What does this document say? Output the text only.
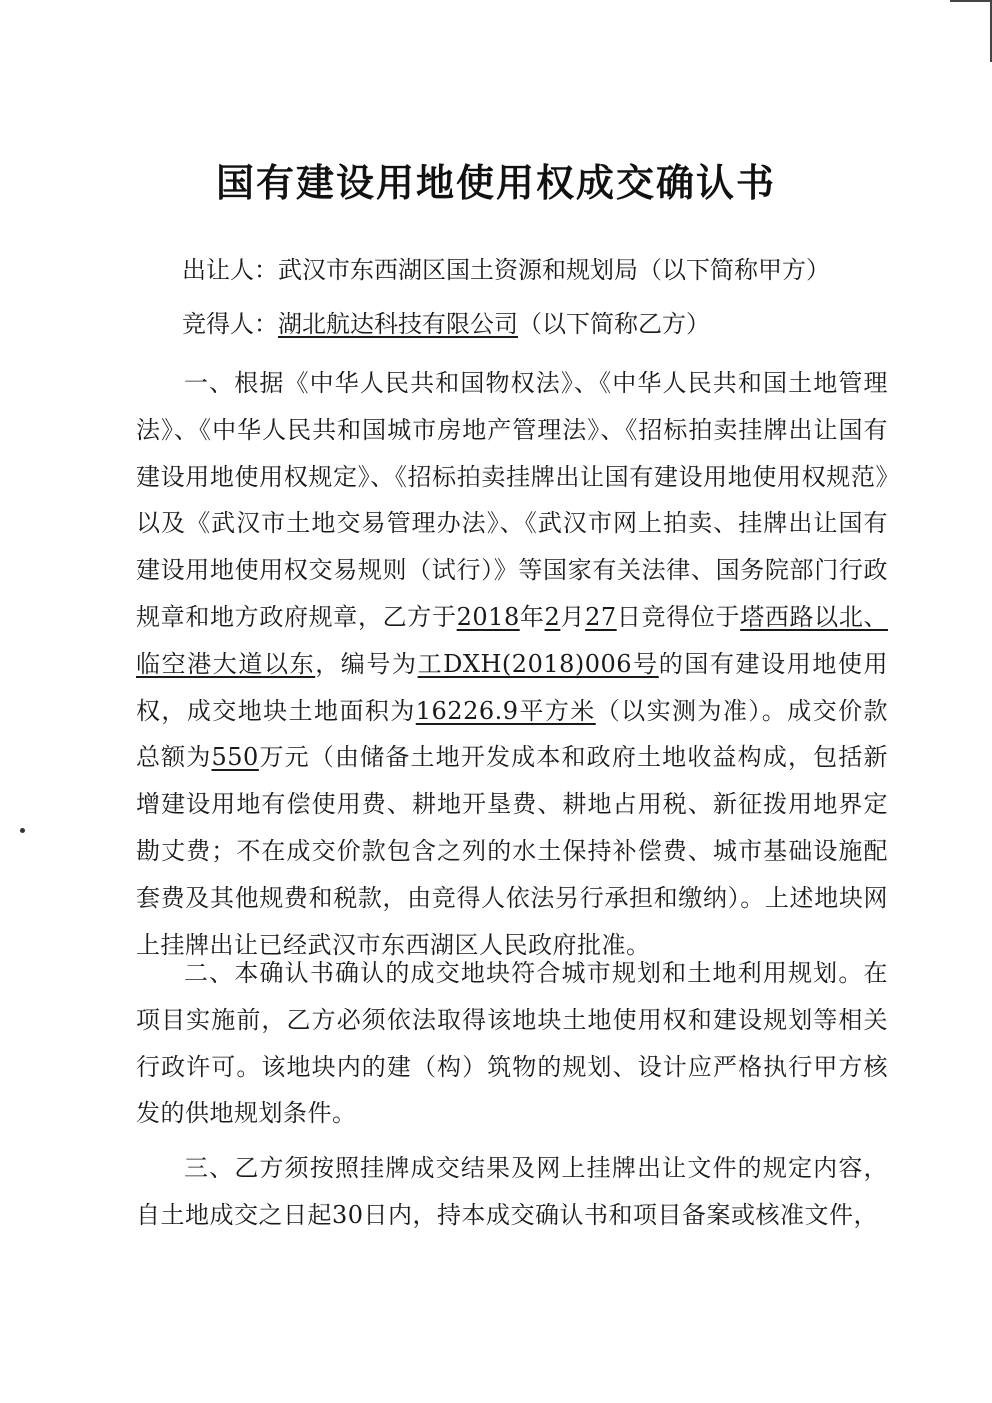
国有建设用地使用权成交确认书
出让人：武汉市东西湖区国土资源和规划局（以下简称甲方）
竞得人：湖北航达科技有限公司（以下简称乙方）
一、根据《中华人民共和国物权法》、《中华人民共和国土地管理法》、《中华人民共和国城市房地产管理法》、《招标拍卖挂牌出让国有建设用地使用权规定》、《招标拍卖挂牌出让国有建设用地使用权规范》以及《武汉市土地交易管理办法》、《武汉市网上拍卖、挂牌出让国有建设用地使用权交易规则（试行）》等国家有关法律、国务院部门行政规章和地方政府规章，乙方于2018年2月27日竞得位于塔西路以北、临空港大道以东，编号为工DXH(2018)006号的国有建设用地使用权，成交地块土地面积为16226.9平方米（以实测为准）。成交价款总额为550万元（由储备土地开发成本和政府土地收益构成，包括新增建设用地有偿使用费、耕地开垦费、耕地占用税、新征拨用地界定勘丈费；不在成交价款包含之列的水土保持补偿费、城市基础设施配套费及其他规费和税款，由竞得人依法另行承担和缴纳）。上述地块网上挂牌出让已经武汉市东西湖区人民政府批准。
二、本确认书确认的成交地块符合城市规划和土地利用规划。在项目实施前，乙方必须依法取得该地块土地使用权和建设规划等相关行政许可。该地块内的建（构）筑物的规划、设计应严格执行甲方核发的供地规划条件。
三、乙方须按照挂牌成交结果及网上挂牌出让文件的规定内容，自土地成交之日起30日内，持本成交确认书和项目备案或核准文件，
